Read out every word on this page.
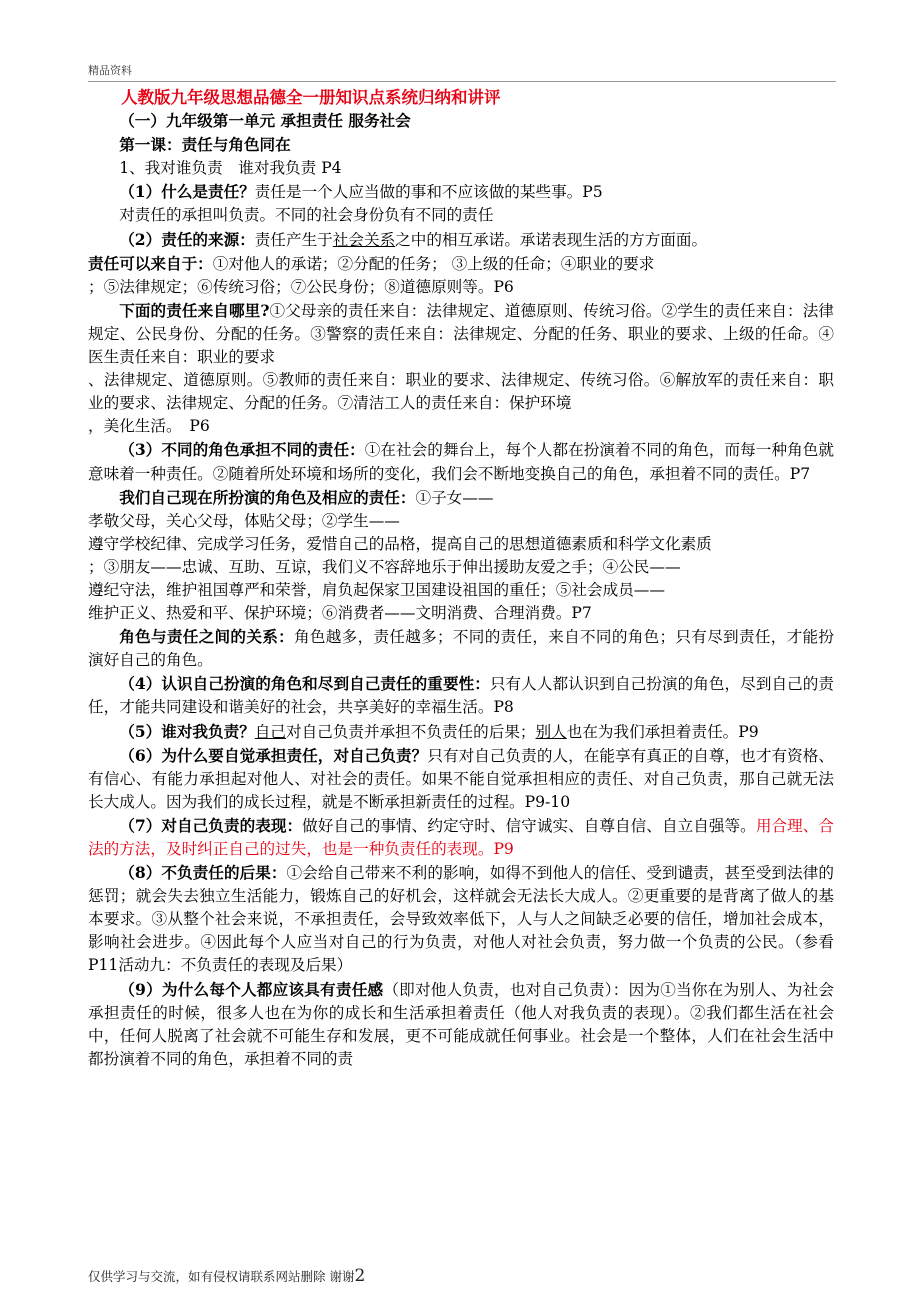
精品资料

人教版九年级思想品德全一册知识点系统归纳和讲评

（一）九年级第一单元 承担责任 服务社会

第一课：责任与角色同在

1、我对谁负责　谁对我负责 P4

（1）什么是责任？责任是一个人应当做的事和不应该做的某些事。P5

对责任的承担叫负责。不同的社会身份负有不同的责任

（2）责任的来源：责任产生于社会关系之中的相互承诺。承诺表现生活的方方面面。

责任可以来自于：①对他人的承诺；②分配的任务； ③上级的任命；④职业的要求

；⑤法律规定；⑥传统习俗；⑦公民身份；⑧道德原则等。P6

下面的责任来自哪里?①父母亲的责任来自：法律规定、道德原则、传统习俗。②学生的责任来自：法律规定、公民身份、分配的任务。③警察的责任来自：法律规定、分配的任务、职业的要求、上级的任命。④医生责任来自：职业的要求

、法律规定、道德原则。⑤教师的责任来自：职业的要求、法律规定、传统习俗。⑥解放军的责任来自：职业的要求、法律规定、分配的任务。⑦清洁工人的责任来自：保护环境

，美化生活。　P6

（3）不同的角色承担不同的责任：①在社会的舞台上，每个人都在扮演着不同的角色，而每一种角色就意味着一种责任。②随着所处环境和场所的变化，我们会不断地变换自己的角色，承担着不同的责任。P7

我们自己现在所扮演的角色及相应的责任：①子女——

孝敬父母，关心父母，体贴父母；②学生——

遵守学校纪律、完成学习任务，爱惜自己的品格，提高自己的思想道德素质和科学文化素质

；③朋友——忠诚、互助、互谅，我们义不容辞地乐于伸出援助友爱之手；④公民——

遵纪守法，维护祖国尊严和荣誉，肩负起保家卫国建设祖国的重任；⑤社会成员——

维护正义、热爱和平、保护环境；⑥消费者——文明消费、合理消费。P7

角色与责任之间的关系：角色越多，责任越多；不同的责任，来自不同的角色；只有尽到责任，才能扮演好自己的角色。

（4）认识自己扮演的角色和尽到自己责任的重要性：只有人人都认识到自己扮演的角色，尽到自己的责任，才能共同建设和谐美好的社会，共享美好的幸福生活。P8

（5）谁对我负责？自己对自己负责并承担不负责任的后果；别人也在为我们承担着责任。P9

（6）为什么要自觉承担责任，对自己负责？只有对自己负责的人，在能享有真正的自尊，也才有资格、有信心、有能力承担起对他人、对社会的责任。如果不能自觉承担相应的责任、对自己负责，那自己就无法长大成人。因为我们的成长过程，就是不断承担新责任的过程。P9-10

（7）对自己负责的表现：做好自己的事情、约定守时、信守诚实、自尊自信、自立自强等。用合理、合法的方法，及时纠正自己的过失，也是一种负责任的表现。P9

（8）不负责任的后果：①会给自己带来不利的影响，如得不到他人的信任、受到谴责，甚至受到法律的惩罚；就会失去独立生活能力，锻炼自己的好机会，这样就会无法长大成人。②更重要的是背离了做人的基本要求。③从整个社会来说，不承担责任，会导致效率低下，人与人之间缺乏必要的信任，增加社会成本，影响社会进步。④因此每个人应当对自己的行为负责，对他人对社会负责，努力做一个负责的公民。（参看P11活动九：不负责任的表现及后果）

（9）为什么每个人都应该具有责任感（即对他人负责，也对自己负责）：因为①当你在为别人、为社会承担责任的时候，很多人也在为你的成长和生活承担着责任（他人对我负责的表现）。②我们都生活在社会中，任何人脱离了社会就不可能生存和发展，更不可能成就任何事业。社会是一个整体，人们在社会生活中都扮演着不同的角色，承担着不同的责

仅供学习与交流，如有侵权请联系网站删除 谢谢2
